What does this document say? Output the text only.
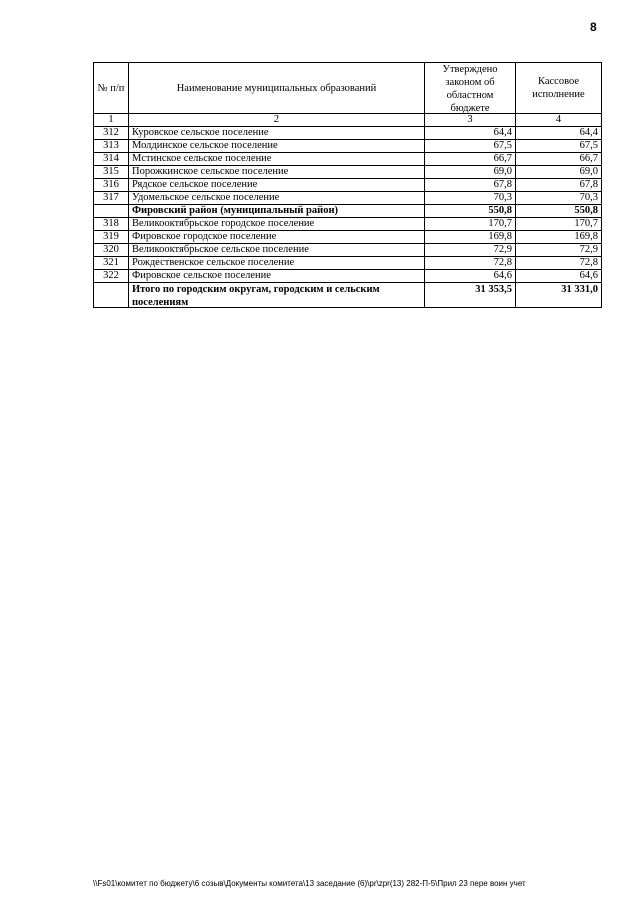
8
№ п/п	Наименование муниципальных образований	Утверждено законом об областном бюджете	Кассовое исполнение
1	2	3	4
312	Куровское сельское поселение	64,4	64,4
313	Молдинское сельское поселение	67,5	67,5
314	Мстинское сельское поселение	66,7	66,7
315	Порожкинское сельское поселение	69,0	69,0
316	Рядское сельское поселение	67,8	67,8
317	Удомельское сельское поселение	70,3	70,3
	Фировский район (муниципальный район)	550,8	550,8
318	Великооктябрьское городское поселение	170,7	170,7
319	Фировское городское поселение	169,8	169,8
320	Великооктябрьское сельское поселение	72,9	72,9
321	Рождественское сельское поселение	72,8	72,8
322	Фировское сельское поселение	64,6	64,6

	Итого по городским округам, городским и сельским поселениям	31 353,5	31 331,0
\\Fs01\комитет по бюджету\6 созыв\Документы комитета\13 заседание (6)\pr\zpr(13) 282-П-5\Прил 23 пере воин учет
